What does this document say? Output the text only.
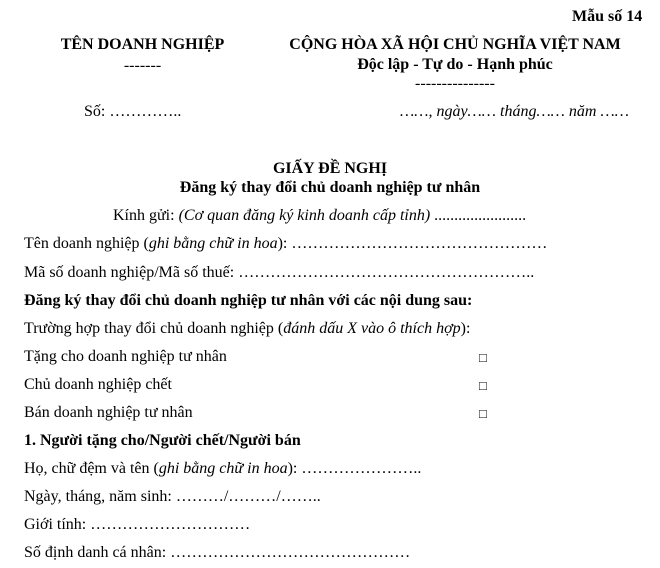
Mẫu số 14
TÊN DOANH NGHIỆP
-------
CỘNG HÒA XÃ HỘI CHỦ NGHĨA VIỆT NAM
Độc lập - Tự do - Hạnh phúc
---------------
Số: …………..	……, ngày…… tháng…… năm ……
GIẤY ĐỀ NGHỊ
Đăng ký thay đổi chủ doanh nghiệp tư nhân
Kính gửi: (Cơ quan đăng ký kinh doanh cấp tỉnh) .......................
Tên doanh nghiệp (ghi bằng chữ in hoa): …………………………………………
Mã số doanh nghiệp/Mã số thuế: ………………………………………………..
Đăng ký thay đổi chủ doanh nghiệp tư nhân với các nội dung sau:
Trường hợp thay đổi chủ doanh nghiệp (đánh dấu X vào ô thích hợp):
Tặng cho doanh nghiệp tư nhân	□
Chủ doanh nghiệp chết	□
Bán doanh nghiệp tư nhân	□
1. Người tặng cho/Người chết/Người bán
Họ, chữ đệm và tên (ghi bằng chữ in hoa): …………………..
Ngày, tháng, năm sinh: ………/………/……..
Giới tính: …………………………
Số định danh cá nhân: ………………………………………
